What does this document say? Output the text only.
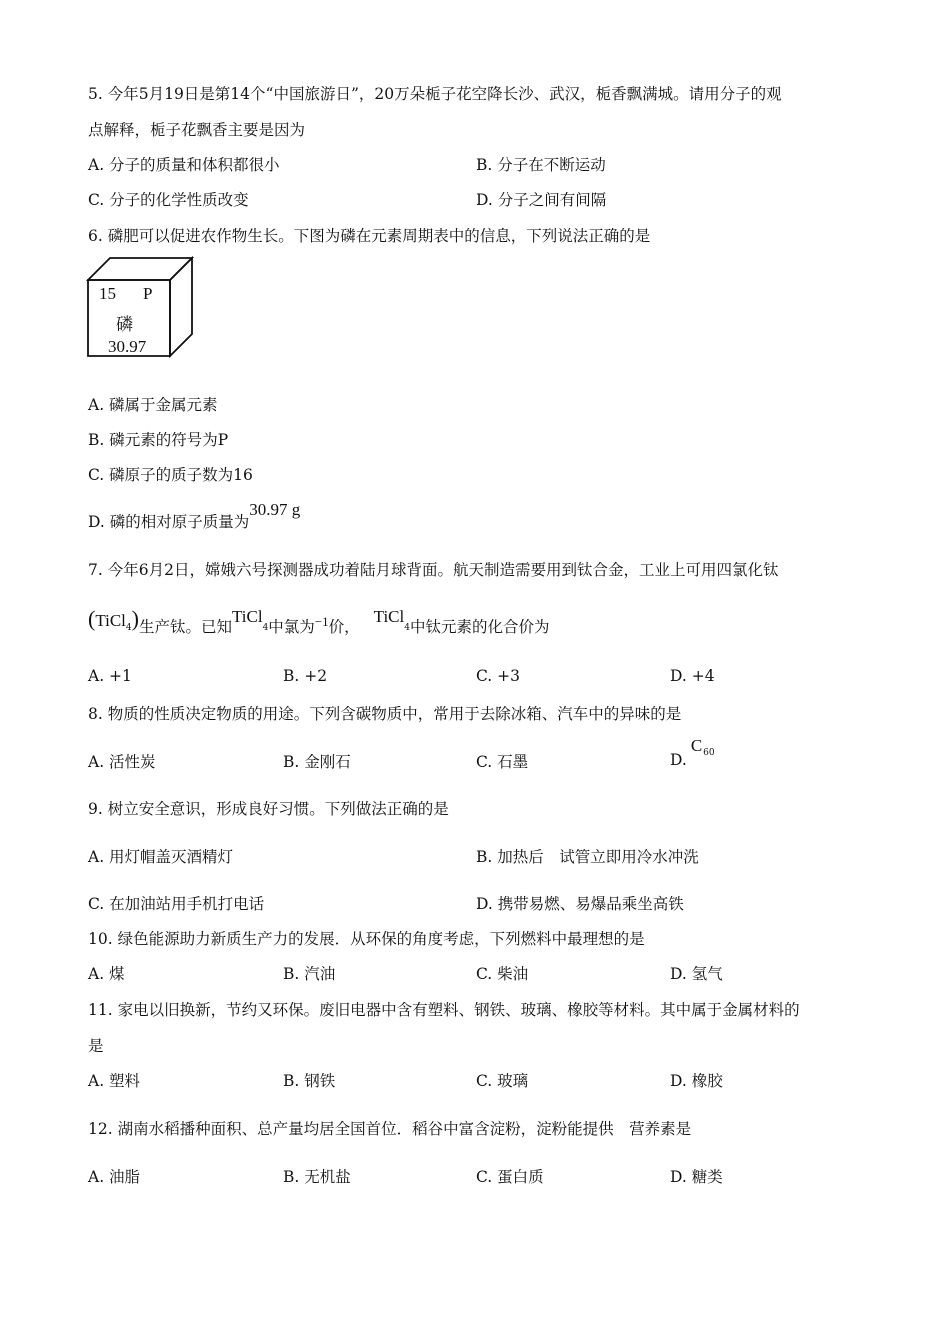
5. 今年5月19日是第14个“中国旅游日”，20万朵栀子花空降长沙、武汉，栀香飘满城。请用分子的观
点解释，栀子花飘香主要是因为
A. 分子的质量和体积都很小	B. 分子在不断运动
C. 分子的化学性质改变	D. 分子之间有间隔
6. 磷肥可以促进农作物生长。下图为磷在元素周期表中的信息，下列说法正确的是
15 P
磷
30.97
A. 磷属于金属元素
B. 磷元素的符号为P
C. 磷原子的质子数为16
D. 磷的相对原子质量为30.97 g
7. 今年6月2日，嫦娥六号探测器成功着陆月球背面。航天制造需要用到钛合金，工业上可用四氯化钛
(TiCl$_4$)生产钛。已知TiCl$_4$中氯为−1价，TiCl$_4$中钛元素的化合价为
A. +1	B. +2	C. +3	D. +4
8. 物质的性质决定物质的用途。下列含碳物质中，常用于去除冰箱、汽车中的异味的是
A. 活性炭	B. 金刚石	C. 石墨	$D.C^{60}$
9. 树立安全意识，形成良好习惯。下列做法正确的是
A. 用灯帽盖灭酒精灯	B. 加热后　试管立即用冷水冲洗
C. 在加油站用手机打电话	D. 携带易燃、易爆品乘坐高铁
10. 绿色能源助力新质生产力的发展．从环保的角度考虑，下列燃料中最理想的是
A. 煤	B. 汽油	C. 柴油	D. 氢气
11. 家电以旧换新，节约又环保。废旧电器中含有塑料、钢铁、玻璃、橡胶等材料。其中属于金属材料的
是
A. 塑料	B. 钢铁	C. 玻璃	D. 橡胶
12. 湖南水稻播种面积、总产量均居全国首位．稻谷中富含淀粉，淀粉能提供　营养素是
A. 油脂	B. 无机盐	C. 蛋白质	D. 糖类
